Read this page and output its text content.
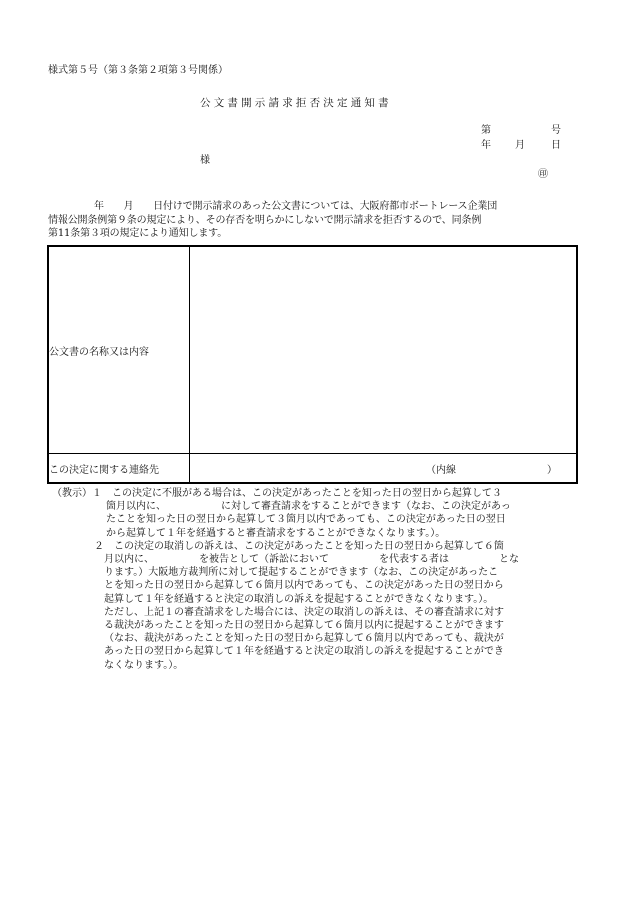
様式第５号（第３条第２項第３号関係）
公文書開示請求拒否決定通知書
第	号
年 月	日
様
㊞
年　　月　　日付けで開示請求のあった公文書については、大阪府都市ボートレース企業団
情報公開条例第９条の規定により、その存否を明らかにしないで開示請求を拒否するので、同条例
第11条第３項の規定により通知します。
公文書の名称又は内容	
この決定に関する連絡先	（内線 ）
（教示）１　この決定に不服がある場合は、この決定があったことを知った日の翌日から起算して３
箇月以内に、　　　　　　に対して審査請求をすることができます（なお、この決定があっ
たことを知った日の翌日から起算して３箇月以内であっても、この決定があった日の翌日
から起算して１年を経過すると審査請求をすることができなくなります。）。
２　この決定の取消しの訴えは、この決定があったことを知った日の翌日から起算して６箇
月以内に、　　　　　を被告として（訴訟において　　　　　を代表する者は　　　　　とな
ります。）大阪地方裁判所に対して提起することができます（なお、この決定があったこ
とを知った日の翌日から起算して６箇月以内であっても、この決定があった日の翌日から
起算して１年を経過すると決定の取消しの訴えを提起することができなくなります。）。
ただし、上記１の審査請求をした場合には、決定の取消しの訴えは、その審査請求に対す
る裁決があったことを知った日の翌日から起算して６箇月以内に提起することができます
（なお、裁決があったことを知った日の翌日から起算して６箇月以内であっても、裁決が
あった日の翌日から起算して１年を経過すると決定の取消しの訴えを提起することができ
なくなります。）。
